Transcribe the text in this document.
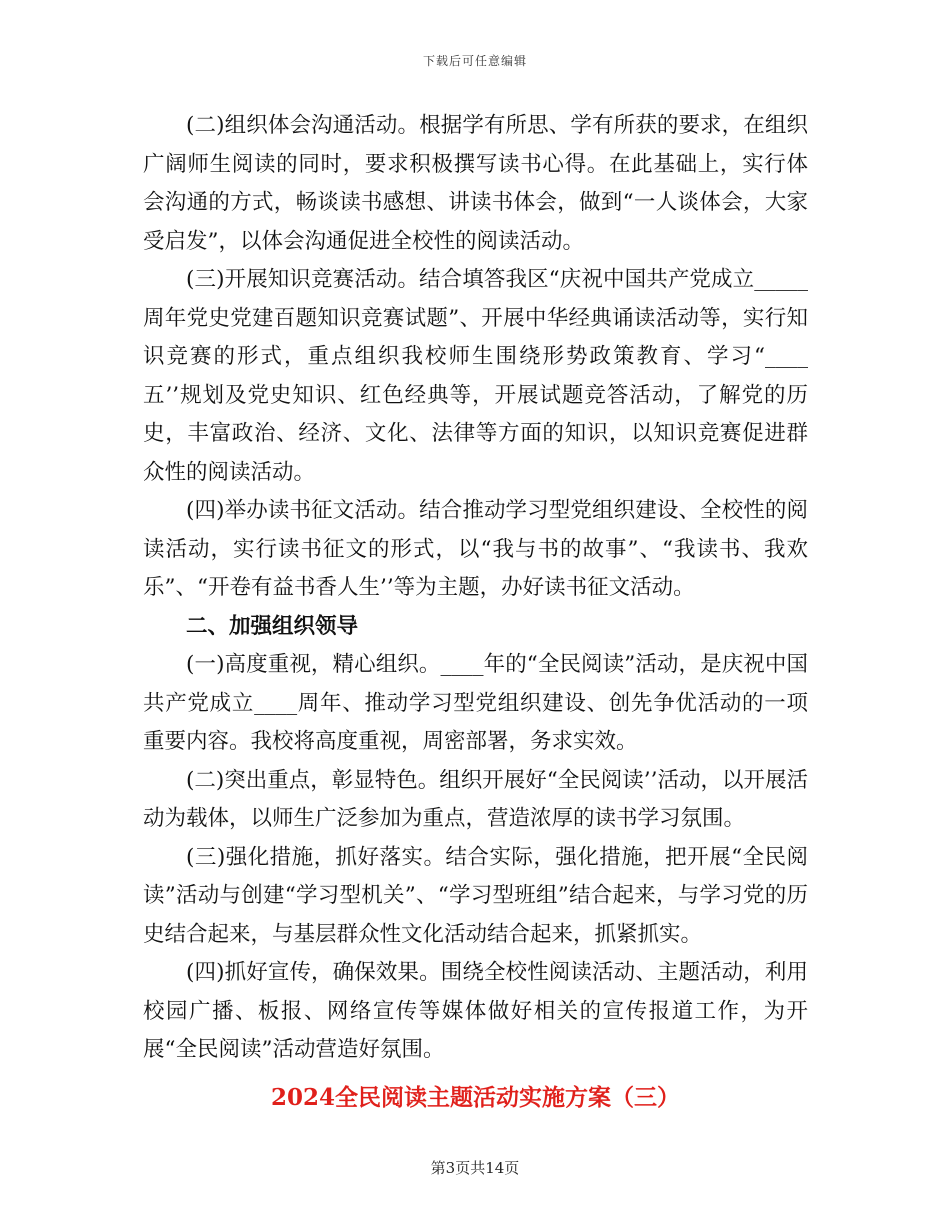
下载后可任意编辑

(二)组织体会沟通活动。根据学有所思、学有所获的要求，在组织广阔师生阅读的同时，要求积极撰写读书心得。在此基础上，实行体会沟通的方式，畅谈读书感想、讲读书体会，做到“一人谈体会，大家受启发”，以体会沟通促进全校性的阅读活动。

(三)开展知识竞赛活动。结合填答我区“庆祝中国共产党成立_____周年党史党建百题知识竞赛试题”、开展中华经典诵读活动等，实行知识竞赛的形式，重点组织我校师生围绕形势政策教育、学习“____五’’规划及党史知识、红色经典等，开展试题竞答活动，了解党的历史，丰富政治、经济、文化、法律等方面的知识，以知识竞赛促进群众性的阅读活动。

(四)举办读书征文活动。结合推动学习型党组织建设、全校性的阅读活动，实行读书征文的形式，以“我与书的故事”、“我读书、我欢乐”、“开卷有益书香人生’’等为主题，办好读书征文活动。

二、加强组织领导

(一)高度重视，精心组织。____年的“全民阅读”活动，是庆祝中国共产党成立____周年、推动学习型党组织建设、创先争优活动的一项重要内容。我校将高度重视，周密部署，务求实效。

(二)突出重点，彰显特色。组织开展好“全民阅读’’活动，以开展活动为载体，以师生广泛参加为重点，营造浓厚的读书学习氛围。

(三)强化措施，抓好落实。结合实际，强化措施，把开展“全民阅读”活动与创建“学习型机关”、“学习型班组”结合起来，与学习党的历史结合起来，与基层群众性文化活动结合起来，抓紧抓实。

(四)抓好宣传，确保效果。围绕全校性阅读活动、主题活动，利用校园广播、板报、网络宣传等媒体做好相关的宣传报道工作，为开展“全民阅读”活动营造好氛围。

2024全民阅读主题活动实施方案（三）

第3页共14页
